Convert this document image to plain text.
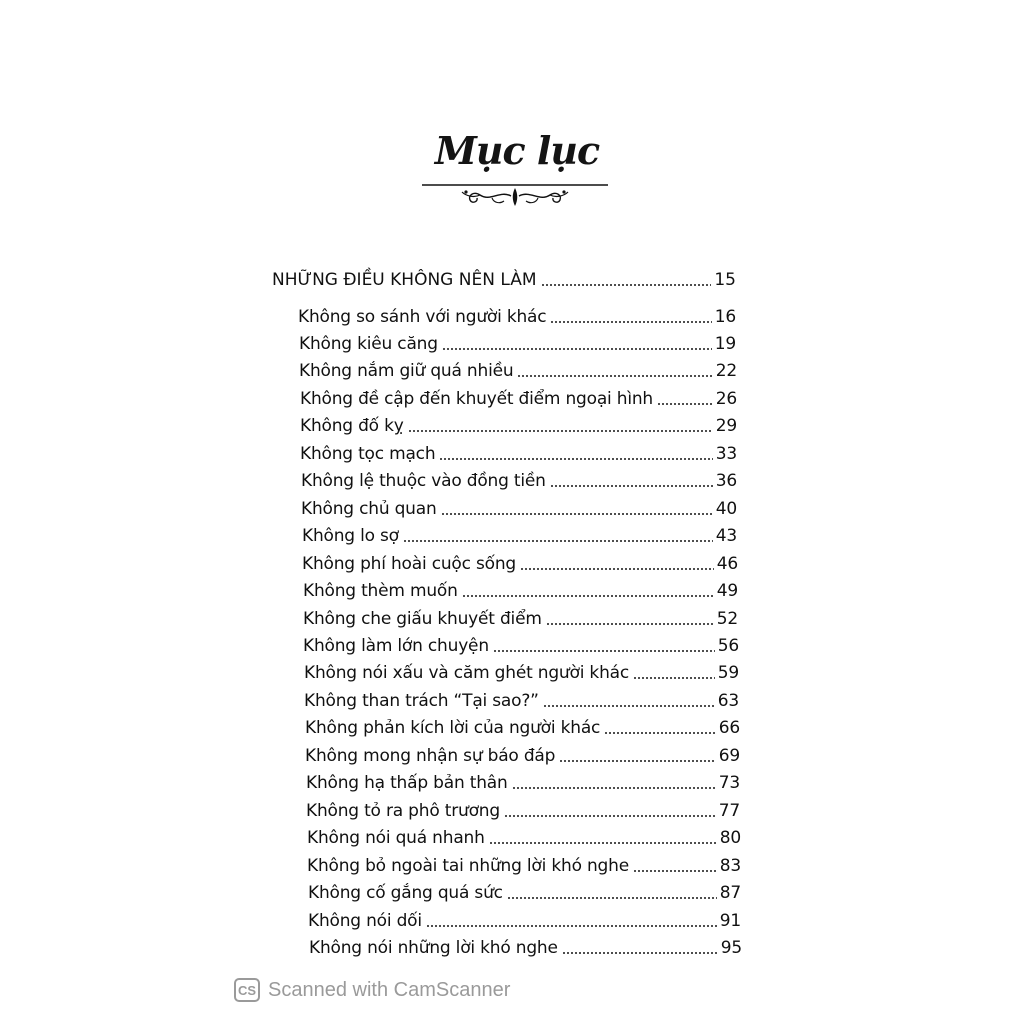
Mục lục
NHỮNG ĐIỀU KHÔNG NÊN LÀM	15
Không so sánh với người khác	16
Không kiêu căng	19
Không nắm giữ quá nhiều	22
Không đề cập đến khuyết điểm ngoại hình	26
Không đố kỵ	29
Không tọc mạch	33
Không lệ thuộc vào đồng tiền	36
Không chủ quan	40
Không lo sợ	43
Không phí hoài cuộc sống	46
Không thèm muốn	49
Không che giấu khuyết điểm	52
Không làm lớn chuyện	56
Không nói xấu và căm ghét người khác	59
Không than trách “Tại sao?”	63
Không phản kích lời của người khác	66
Không mong nhận sự báo đáp	69
Không hạ thấp bản thân	73
Không tỏ ra phô trương	77
Không nói quá nhanh	80
Không bỏ ngoài tai những lời khó nghe	83
Không cố gắng quá sức	87
Không nói dối	91
Không nói những lời khó nghe	95
CS Scanned with CamScanner
